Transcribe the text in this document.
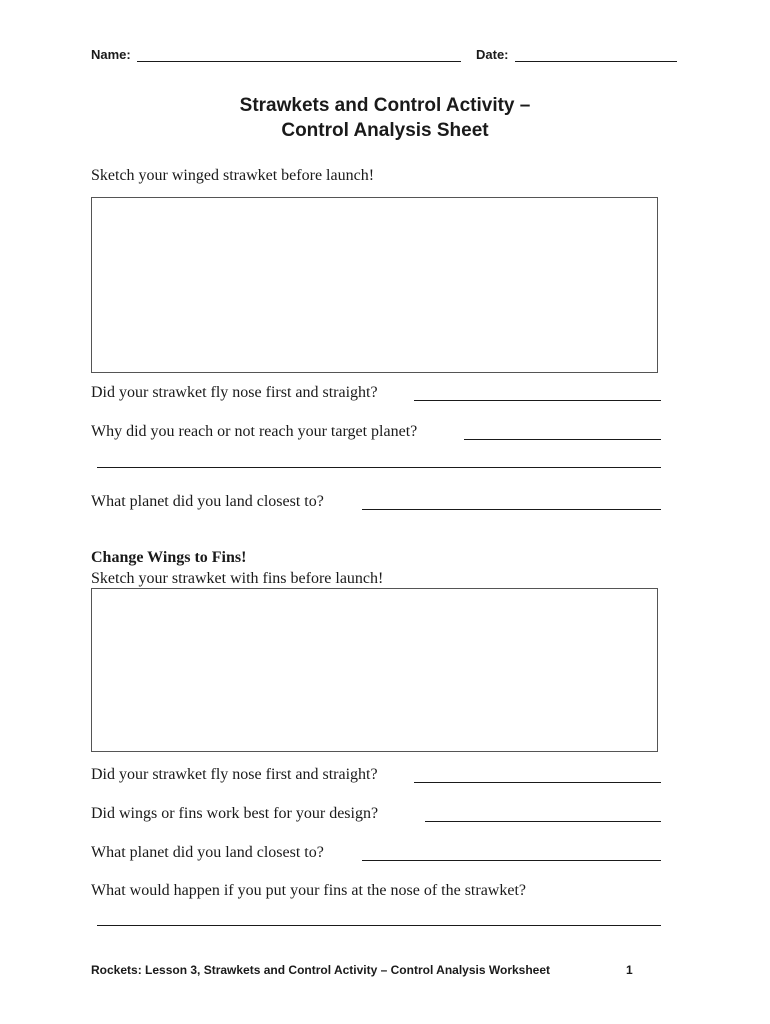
Name:	Date:
Strawkets and Control Activity –
Control Analysis Sheet
Sketch your winged strawket before launch!
Did your strawket fly nose first and straight?
Why did you reach or not reach your target planet?
What planet did you land closest to?
Change Wings to Fins!
Sketch your strawket with fins before launch!
Did your strawket fly nose first and straight?
Did wings or fins work best for your design?
What planet did you land closest to?
What would happen if you put your fins at the nose of the strawket?
Rockets: Lesson 3, Strawkets and Control Activity – Control Analysis Worksheet	1
